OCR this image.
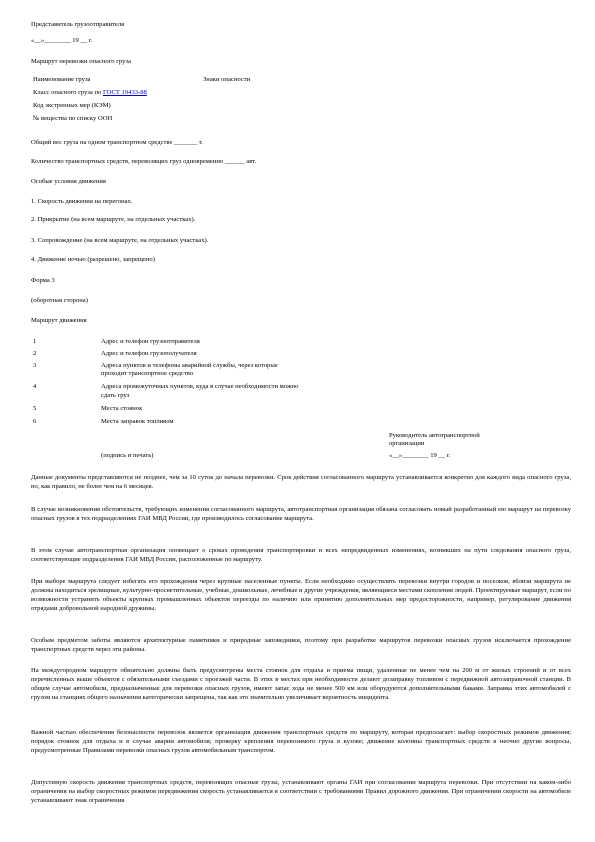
Представитель грузоотправителя
«__»________ 19 __ г.
Маршрут перевозки опасного груза
Наименование груза	Знаки опасности
Класс опасного груза по ГОСТ 19433-88
Код экстренных мер (КЭМ)
№ вещества по списку ООН
Общий вес груза на одном транспортном средстве _______ т.
Количество транспортных средств, перевозящих груз одновременно ______ авт.
Особые условия движения
1. Скорость движения на перегонах.
2. Прикрытие (на всем маршруте, на отдельных участках).
3. Сопровождение (на всем маршруте, на отдельных участках).
4. Движение ночью (разрешено, запрещено)
Форма 3
(оборотная сторона)
Маршрут движения
1	Адрес и телефон грузоотправителя
2	Адрес и телефон грузополучателя
3	Адреса пунктов и телефоны аварийной службы, через которые
проходит транспортное средство
4	Адреса промежуточных пунктов, куда в случае необходимости можно
сдать груз
5	Места стоянок
6	Места заправок топливом
Руководитель автотранспортной
организации
(подпись и печать)	«__»________ 19 __ г.
Данные документы представляются не позднее, чем за 10 суток до начала перевозки. Срок действия согласованного маршрута устанавливается конкретно для каждого вида опасного груза, но, как правило, не более чем на 6 месяцев.
В случае возникновения обстоятельств, требующих изменения согласованного маршрута, автотранспортная организация обязана согласовать новый разработанный ею маршрут на перевозку опасных грузов в тех подразделениях ГАИ МВД России, где производилось согласование маршрута.
В этом случае автотранспортная организация оповещает о сроках проведения транспортировки и всех непредвиденных изменениях, возникших на пути следования опасного груза, соответствующие подразделения ГАИ МВД России, расположенные по маршруту.
При выборе маршрута следует избегать его прохождения через крупные населенные пункты. Если необходимо осуществлять перевозки внутри городов и поселков, вблизи маршрута не должны находиться зрелищные, культурно-просветительные, учебные, дошкольные, лечебные и другие учреждения, являющиеся местами скопления людей. Проектируемые маршрут, если по возможности устранить объекты крупных промышленных объектов переезды по наличию или принятию дополнительных мер предосторожности, например, регулирование движения отрядами добровольной народной дружины.
Особым предметом заботы являются архитектурные памятники и природные заповедники, поэтому при разработке маршрутов перевозки опасных грузов исключается прохождение транспортных средств через эти районы.
На междугородном маршруте обязательно должны быть предусмотрены места стоянок для отдыха и приема пищи, удаленные не менее чем на 200 м от жилых строений и от всех перечисленных выше объектов с обязательными съездами с проезжей части. В этих в местах при необходимости делают дозаправку топливом с передвижной автозаправочной станции. В общем случае автомобили, предназначенные для перевозки опасных грузов, имеют запас хода не менее 500 км или оборудуются дополнительными баками. Заправка этих автомобилей с грузом на станциях общего назначения категорически запрещена, так как это значительно увеличивает вероятность инцидента.
Важной частью обеспечения безопасности перевозок является организация движения транспортных средств по маршруту, которая предполагает: выбор скоростных режимов движения; порядок стоянок для отдыха и в случае аварии автомобиля; проверку крепления перевозимого груза в кузове; движение колонны транспортных средств в неочно другие вопросы, предусмотренные Правилами перевозки опасных грузов автомобильным транспортом.
Допустимую скорость движения транспортных средств, перевозящих опасные грузы, устанавливают органы ГАИ при согласовании маршрута перевозки. При отсутствии на каком-либо ограничения на выбор скоростных режимов передвижения скорость устанавливается в соответствии с требованиями Правил дорожного движения. При ограничении скорости на автомобиле устанавливают знак ограничения
